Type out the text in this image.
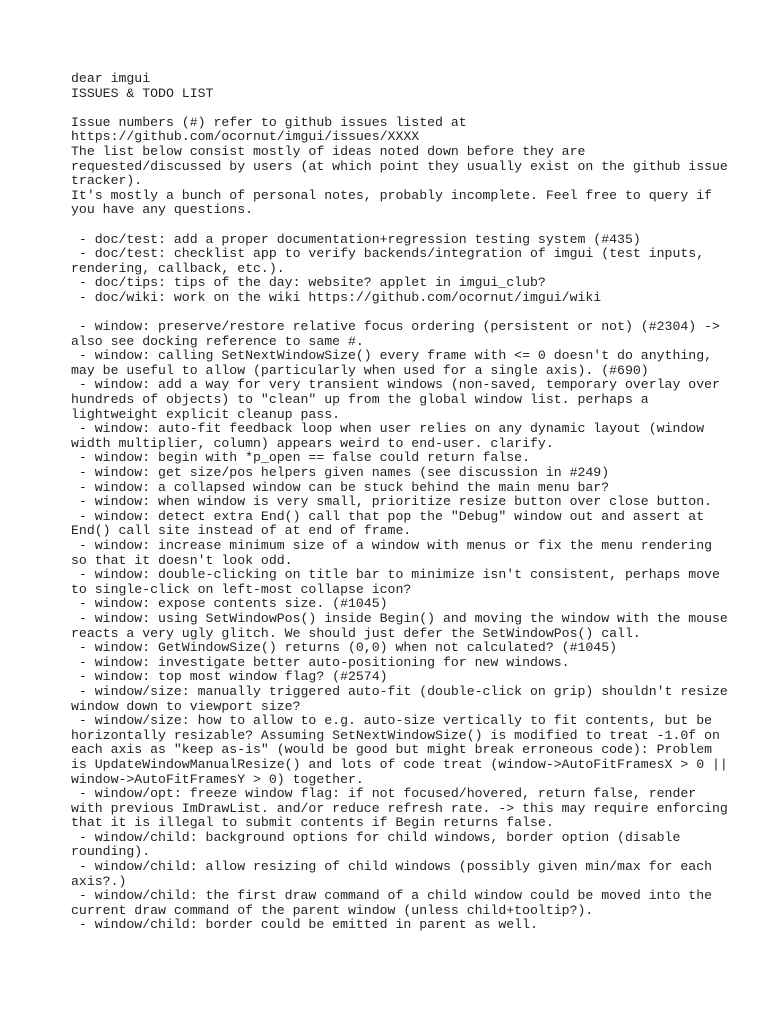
dear imgui
ISSUES & TODO LIST
Issue numbers (#) refer to github issues listed at
https://github.com/ocornut/imgui/issues/XXXX
The list below consist mostly of ideas noted down before they are
requested/discussed by users (at which point they usually exist on the github issue
tracker).
It's mostly a bunch of personal notes, probably incomplete. Feel free to query if
you have any questions.
- doc/test: add a proper documentation+regression testing system (#435)
- doc/test: checklist app to verify backends/integration of imgui (test inputs,
rendering, callback, etc.).
- doc/tips: tips of the day: website? applet in imgui_club?
- doc/wiki: work on the wiki https://github.com/ocornut/imgui/wiki
- window: preserve/restore relative focus ordering (persistent or not) (#2304) ->
also see docking reference to same #.
- window: calling SetNextWindowSize() every frame with <= 0 doesn't do anything,
may be useful to allow (particularly when used for a single axis). (#690)
- window: add a way for very transient windows (non-saved, temporary overlay over
hundreds of objects) to "clean" up from the global window list. perhaps a
lightweight explicit cleanup pass.
- window: auto-fit feedback loop when user relies on any dynamic layout (window
width multiplier, column) appears weird to end-user. clarify.
- window: begin with *p_open == false could return false.
- window: get size/pos helpers given names (see discussion in #249)
- window: a collapsed window can be stuck behind the main menu bar?
- window: when window is very small, prioritize resize button over close button.
- window: detect extra End() call that pop the "Debug" window out and assert at
End() call site instead of at end of frame.
- window: increase minimum size of a window with menus or fix the menu rendering
so that it doesn't look odd.
- window: double-clicking on title bar to minimize isn't consistent, perhaps move
to single-click on left-most collapse icon?
- window: expose contents size. (#1045)
- window: using SetWindowPos() inside Begin() and moving the window with the mouse
reacts a very ugly glitch. We should just defer the SetWindowPos() call.
- window: GetWindowSize() returns (0,0) when not calculated? (#1045)
- window: investigate better auto-positioning for new windows.
- window: top most window flag? (#2574)
- window/size: manually triggered auto-fit (double-click on grip) shouldn't resize
window down to viewport size?
- window/size: how to allow to e.g. auto-size vertically to fit contents, but be
horizontally resizable? Assuming SetNextWindowSize() is modified to treat -1.0f on
each axis as "keep as-is" (would be good but might break erroneous code): Problem
is UpdateWindowManualResize() and lots of code treat (window->AutoFitFramesX > 0 ||
window->AutoFitFramesY > 0) together.
- window/opt: freeze window flag: if not focused/hovered, return false, render
with previous ImDrawList. and/or reduce refresh rate. -> this may require enforcing
that it is illegal to submit contents if Begin returns false.
- window/child: background options for child windows, border option (disable
rounding).
- window/child: allow resizing of child windows (possibly given min/max for each
axis?.)
- window/child: the first draw command of a child window could be moved into the
current draw command of the parent window (unless child+tooltip?).
- window/child: border could be emitted in parent as well.
